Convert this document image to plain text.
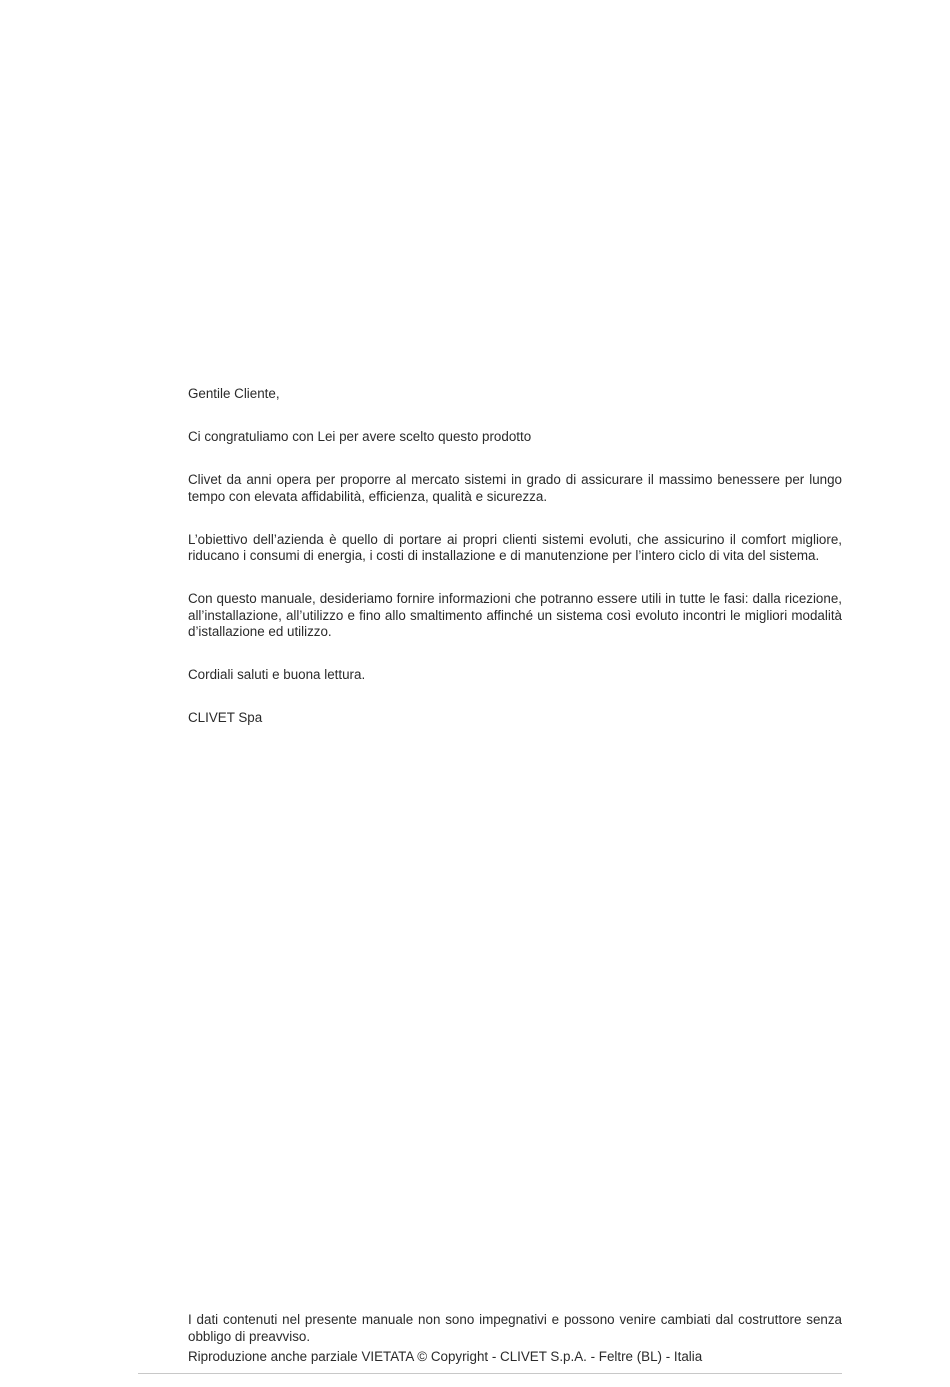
Gentile Cliente,

Ci congratuliamo con Lei per avere scelto questo prodotto

Clivet da anni opera per proporre al mercato sistemi in grado di assicurare il massimo benessere per lungo tempo con elevata affidabilità, efficienza, qualità e sicurezza.

L’obiettivo dell’azienda è quello di portare ai propri clienti sistemi evoluti, che assicurino il comfort migliore, riducano i consumi di energia, i costi di installazione e di manutenzione per l’intero ciclo di vita del sistema.

Con questo manuale, desideriamo fornire informazioni che potranno essere utili in tutte le fasi: dalla ricezione, all’installazione, all’utilizzo e fino allo smaltimento affinché un sistema così evoluto incontri le migliori modalità d’istallazione ed utilizzo.

Cordiali saluti e buona lettura.

CLIVET Spa

I dati contenuti nel presente manuale non sono impegnativi e possono venire cambiati dal costruttore senza obbligo di preavviso.

Riproduzione anche parziale VIETATA © Copyright - CLIVET S.p.A. - Feltre (BL) - Italia
